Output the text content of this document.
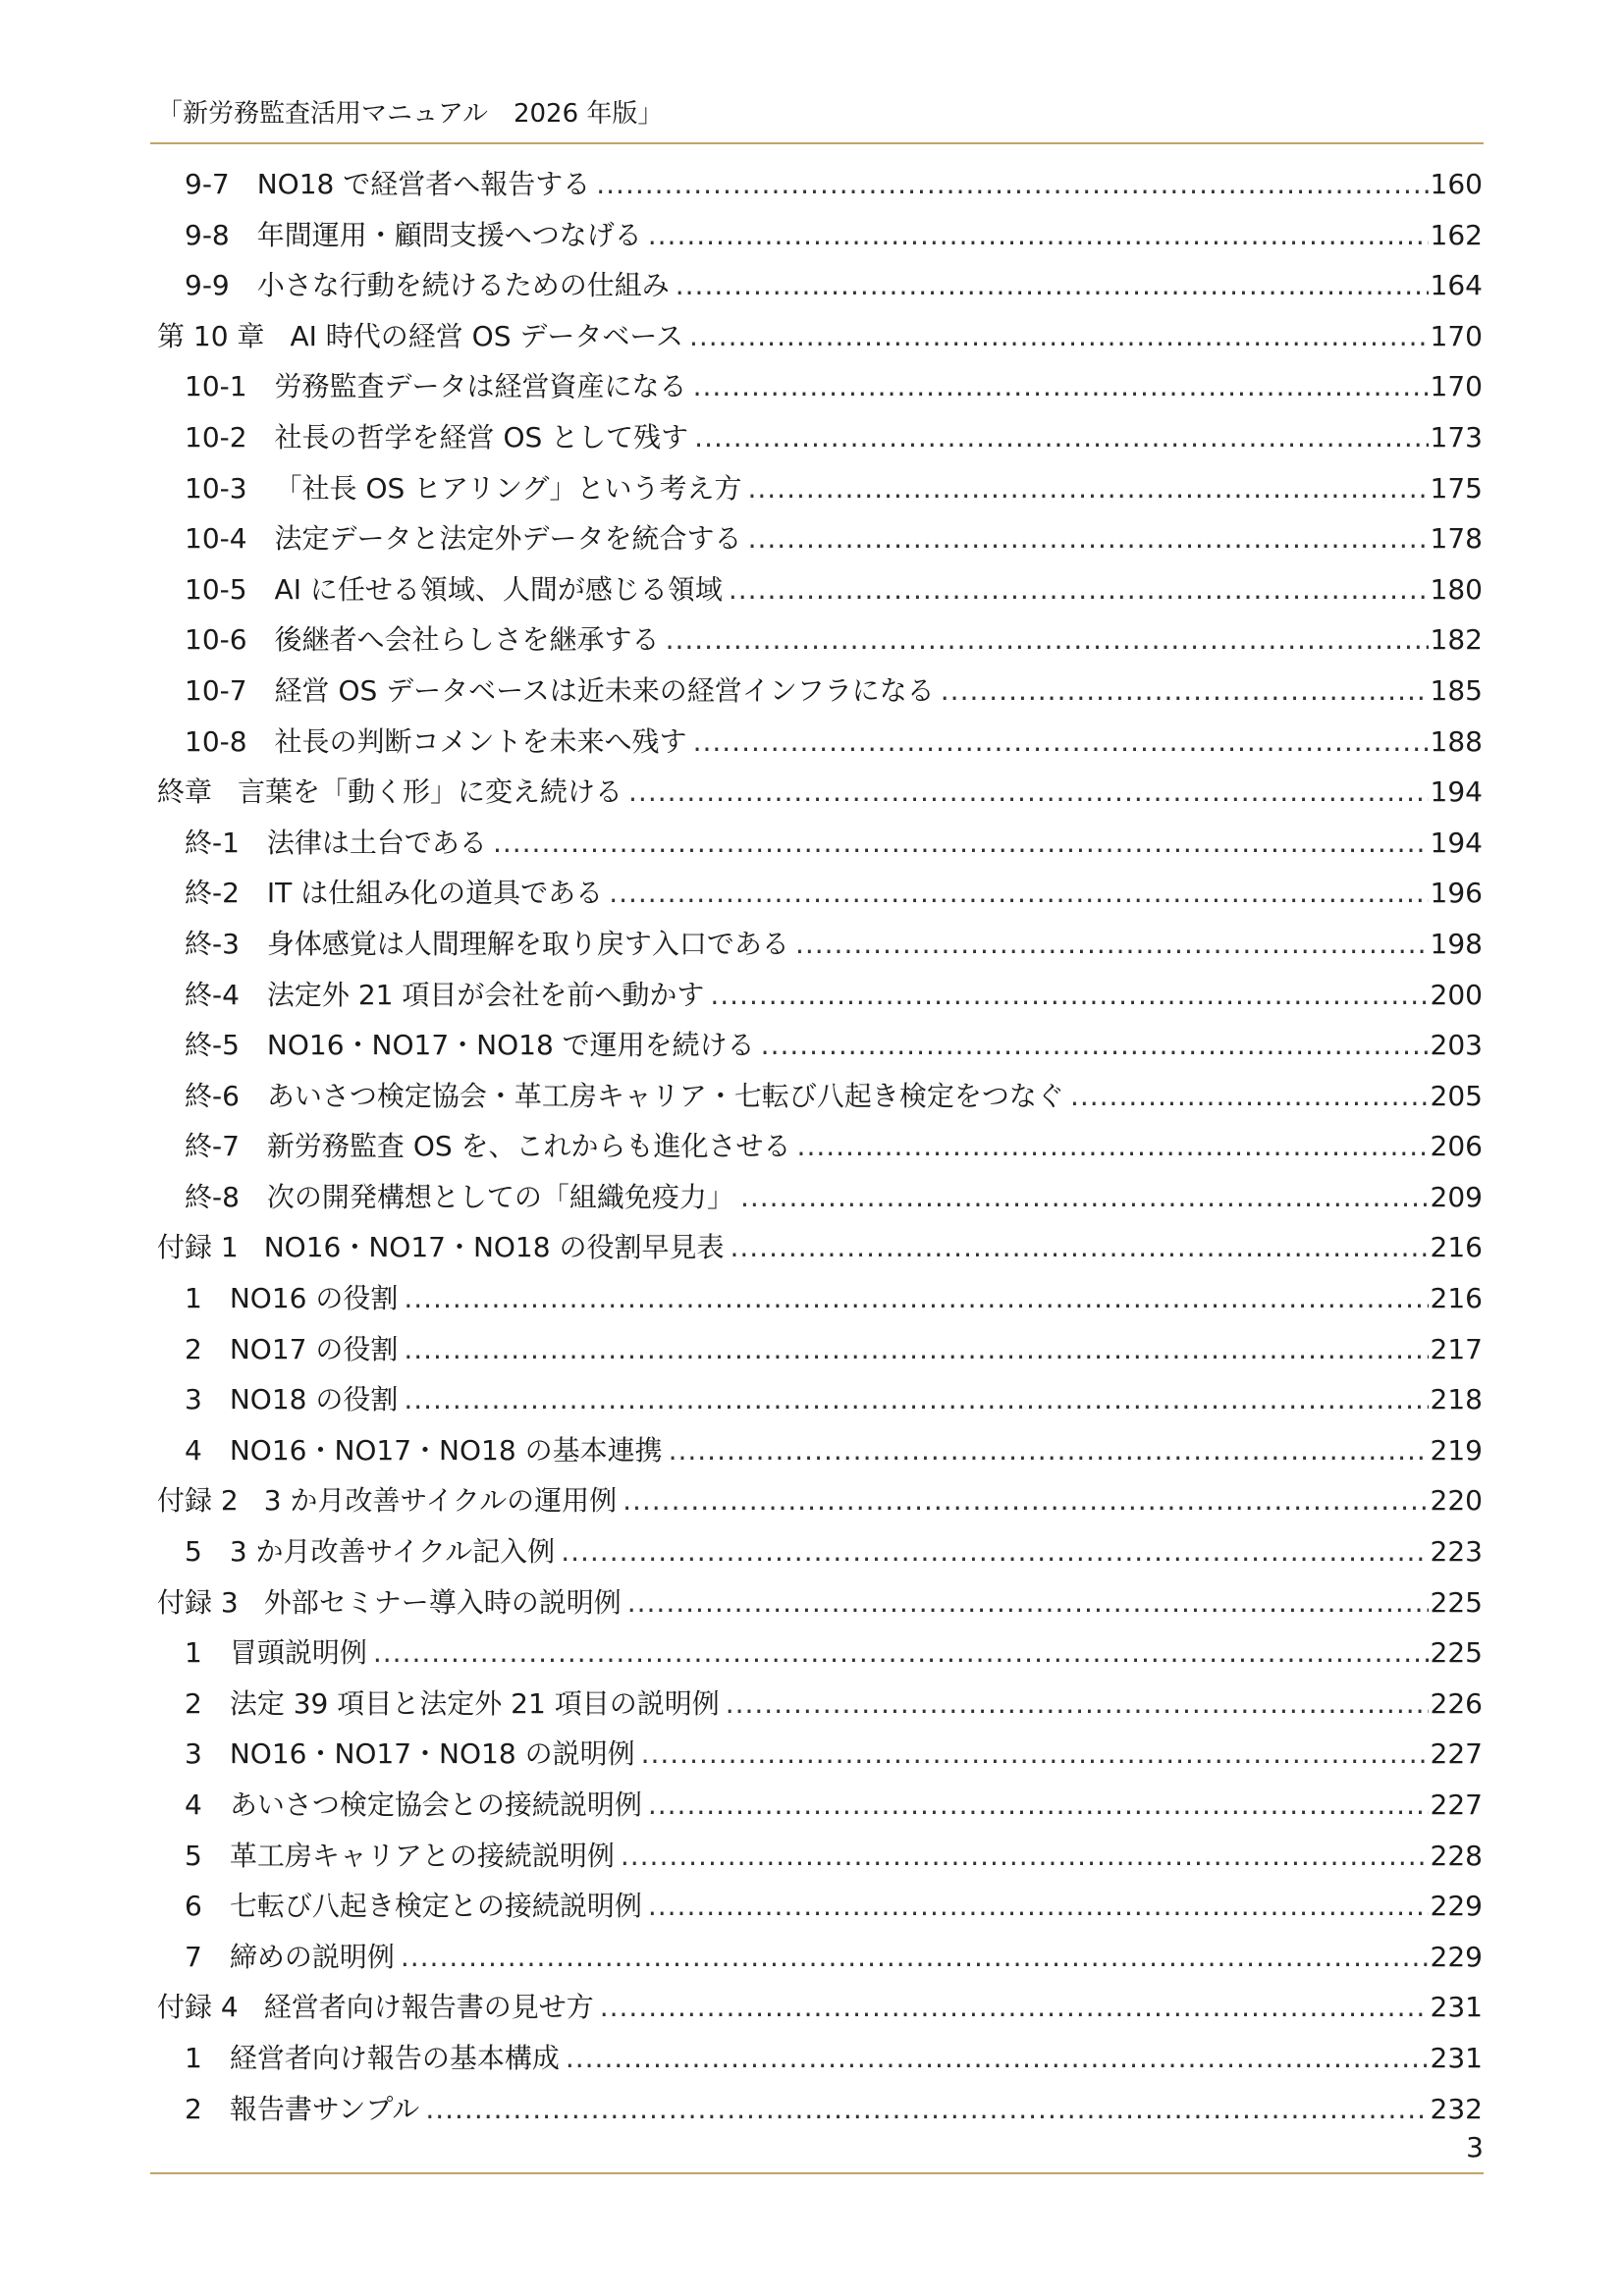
「新労務監査活用マニュアル　2026 年版」
9-7 NO18 で経営者へ報告する .....	160
9-8 年間運用・顧問支援へつなげる .....	162
9-9 小さな行動を続けるための仕組み .....	164
第 10 章 AI 時代の経営 OS データベース .....	170
10-1 労務監査データは経営資産になる .....	170
10-2 社長の哲学を経営 OS として残す .....	173
10-3 「社長 OS ヒアリング」という考え方 .....	175
10-4 法定データと法定外データを統合する .....	178
10-5 AI に任せる領域、人間が感じる領域 .....	180
10-6 後継者へ会社らしさを継承する .....	182
10-7 経営 OS データベースは近未来の経営インフラになる .....	185
10-8 社長の判断コメントを未来へ残す .....	188
終章 言葉を「動く形」に変え続ける .....	194
終-1 法律は土台である .....	194
終-2 IT は仕組み化の道具である .....	196
終-3 身体感覚は人間理解を取り戻す入口である .....	198
終-4 法定外 21 項目が会社を前へ動かす .....	200
終-5 NO16・NO17・NO18 で運用を続ける .....	203
終-6 あいさつ検定協会・革工房キャリア・七転び八起き検定をつなぐ .....	205
終-7 新労務監査 OS を、これからも進化させる .....	206
終-8 次の開発構想としての「組織免疫力」 .....	209
付録 1 NO16・NO17・NO18 の役割早見表 .....	216
1 NO16 の役割 .....	216
2 NO17 の役割 .....	217
3 NO18 の役割 .....	218
4 NO16・NO17・NO18 の基本連携 .....	219
付録 2 3 か月改善サイクルの運用例 .....	220
5 3 か月改善サイクル記入例 .....	223
付録 3 外部セミナー導入時の説明例 .....	225
1 冒頭説明例 .....	225
2 法定 39 項目と法定外 21 項目の説明例 .....	226
3 NO16・NO17・NO18 の説明例 .....	227
4 あいさつ検定協会との接続説明例 .....	227
5 革工房キャリアとの接続説明例 .....	228
6 七転び八起き検定との接続説明例 .....	229
7 締めの説明例 .....	229
付録 4 経営者向け報告書の見せ方 .....	231
1 経営者向け報告の基本構成 .....	231
2 報告書サンプル .....	232
3
